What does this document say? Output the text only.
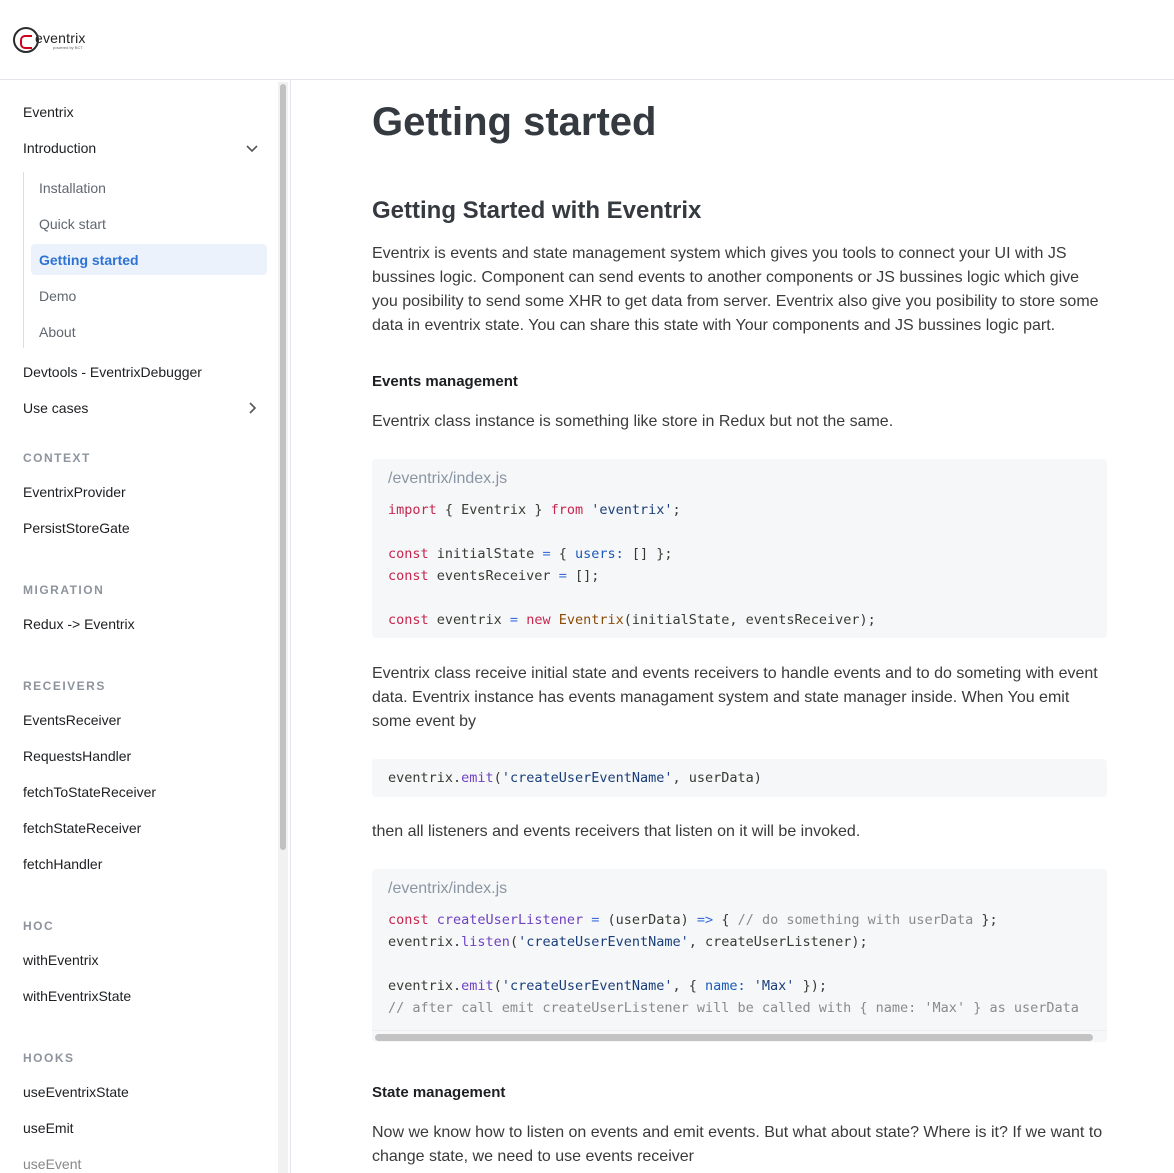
eventrix
powered by BCT
Eventrix
Introduction
Installation
Quick start
Getting started
Demo
About
Devtools - EventrixDebugger
Use cases
CONTEXT
EventrixProvider
PersistStoreGate
MIGRATION
Redux -> Eventrix
RECEIVERS
EventsReceiver
RequestsHandler
fetchToStateReceiver
fetchStateReceiver
fetchHandler
HOC
withEventrix
withEventrixState
HOOKS
useEventrixState
useEmit
useEvent
Getting started
Getting Started with Eventrix

Eventrix is events and state management system which gives you tools to connect your UI with JS bussines logic. Component can send events to another components or JS bussines logic which give you posibility to send some XHR to get data from server. Eventrix also give you posibility to store some data in eventrix state. You can share this state with Your components and JS bussines logic part.

Events management

Eventrix class instance is something like store in Redux but not the same.

/eventrix/index.js
import { Eventrix } from 'eventrix';

const initialState = { users: [] };
const eventsReceiver = [];

const eventrix = new Eventrix(initialState, eventsReceiver);

Eventrix class receive initial state and events receivers to handle events and to do someting with event data. Eventrix instance has events managament system and state manager inside. When You emit some event by

eventrix.emit('createUserEventName', userData)

then all listeners and events receivers that listen on it will be invoked.

/eventrix/index.js
const createUserListener = (userData) => { // do something with userData };
eventrix.listen('createUserEventName', createUserListener);

eventrix.emit('createUserEventName', { name: 'Max' });
// after call emit createUserListener will be called with { name: 'Max' } as userData
State management

Now we know how to listen on events and emit events. But what about state? Where is it? If we want to change state, we need to use events receiver
